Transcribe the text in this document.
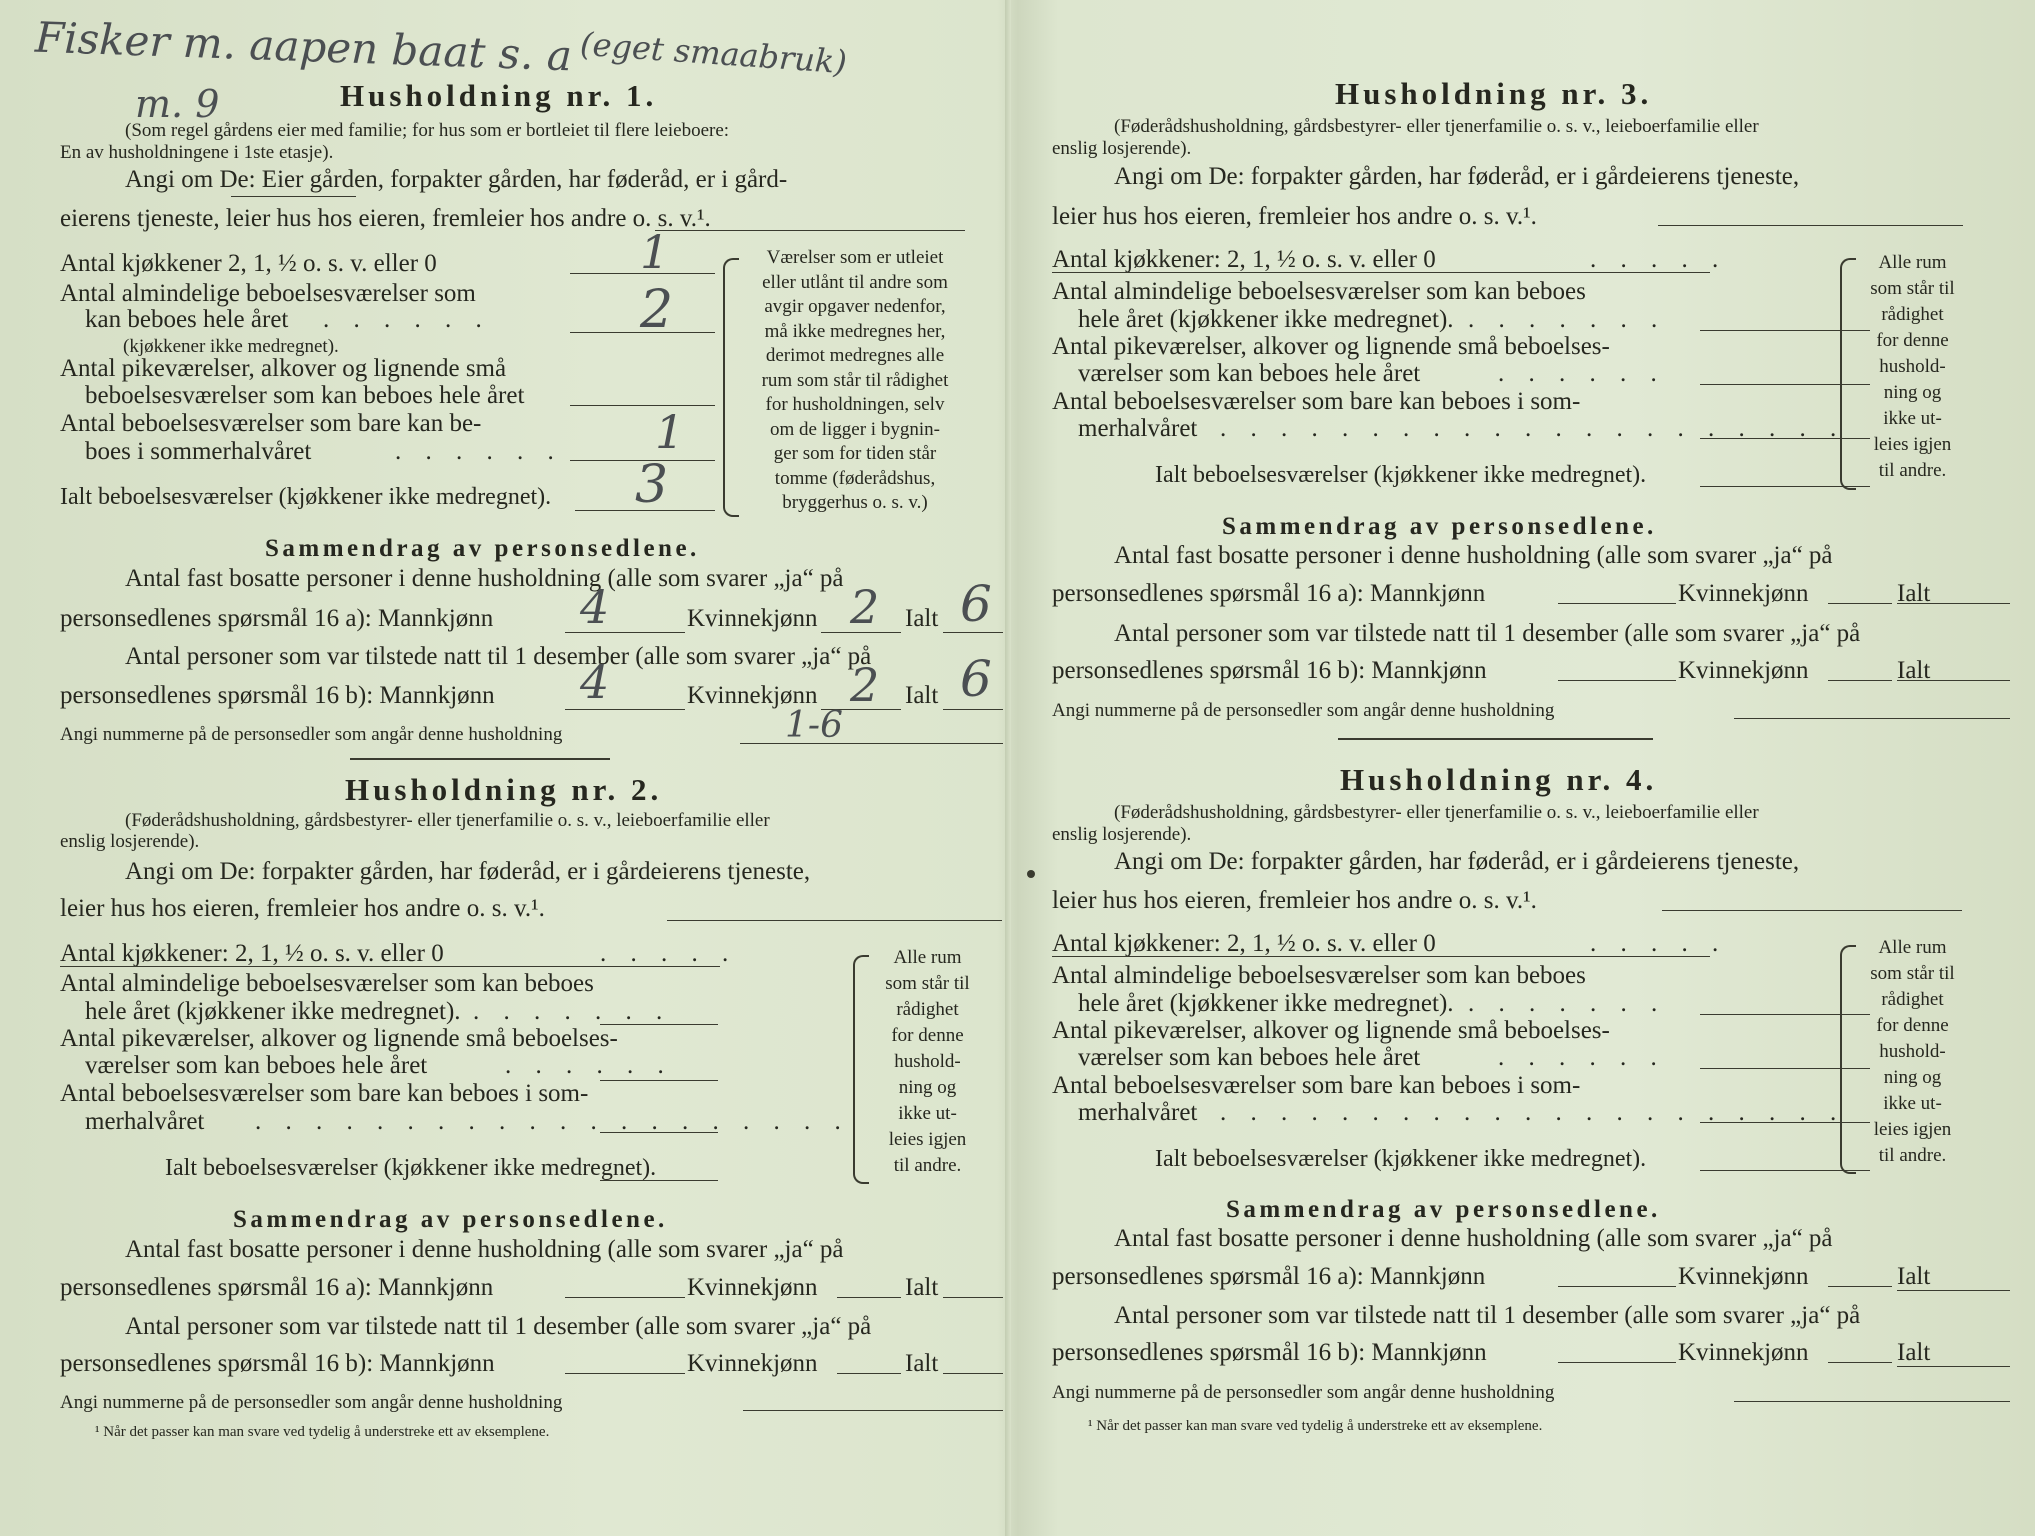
Fisker m. aapen baat s. a (eget smaabruk)
m. 9	Husholdning nr. 1.
(Som regel gårdens eier med familie; for hus som er bortleiet til flere leieboere:
En av husholdningene i 1ste etasje).
Angi om De: Eier gården, forpakter gården, har føderåd, er i gård-
eierens tjeneste, leier hus hos eieren, fremleier hos andre o. s. v.¹.
Antal kjøkkener 2, 1, ½ o. s. v. eller 0	1
Antal almindelige beboelsesværelser som
kan beboes hele året . . . . . .
(kjøkkener ikke medregnet).
2
Antal pikeværelser, alkover og lignende små
beboelsesværelser som kan beboes hele året
Antal beboelsesværelser som bare kan be-
boes i sommerhalvåret	. . . . . . 1
Ialt beboelsesværelser (kjøkkener ikke medregnet). 3
Værelser som er utleiet
eller utlånt til andre som
avgir opgaver nedenfor,
må ikke medregnes her,
derimot medregnes alle
rum som står til rådighet
for husholdningen, selv
om de ligger i bygnin-
ger som for tiden står
tomme (føderådshus,
bryggerhus o. s. v.)
Sammendrag av personsedlene.
Antal fast bosatte personer i denne husholdning (alle som svarer „ja“ på
personsedlenes spørsmål 16 a): Mannkjønn 4	Kvinnekjønn 2 Ialt 6
Antal personer som var tilstede natt til 1 desember (alle som svarer „ja“ på
personsedlenes spørsmål 16 b): Mannkjønn 4	Kvinnekjønn 2 Ialt 6
Angi nummerne på de personsedler som angår denne husholdning	1-6
Husholdning nr. 2.
(Føderådshusholdning, gårdsbestyrer- eller tjenerfamilie o. s. v., leieboerfamilie eller
enslig losjerende).
Angi om De: forpakter gården, har føderåd, er i gårdeierens tjeneste,
leier hus hos eieren, fremleier hos andre o. s. v.¹.
Antal kjøkkener: 2, 1, ½ o. s. v. eller 0	. . . . .
Antal almindelige beboelsesværelser som kan beboes
hele året (kjøkkener ikke medregnet). . . . . . . .
Antal pikeværelser, alkover og lignende små beboelses-
værelser som kan beboes hele året	. . . . . .
Antal beboelsesværelser som bare kan beboes i som-
merhalvåret . . . . . . . . . . . . . . . . . . . .
Ialt beboelsesværelser (kjøkkener ikke medregnet).
Alle rum
som står til
rådighet
for denne
hushold-
ning og
ikke ut-
leies igjen
til andre.
Sammendrag av personsedlene.
Antal fast bosatte personer i denne husholdning (alle som svarer „ja“ på
personsedlenes spørsmål 16 a): Mannkjønn	Kvinnekjønn	Ialt
Antal personer som var tilstede natt til 1 desember (alle som svarer „ja“ på
personsedlenes spørsmål 16 b): Mannkjønn	Kvinnekjønn	Ialt
Angi nummerne på de personsedler som angår denne husholdning
¹ Når det passer kan man svare ved tydelig å understreke ett av eksemplene.
Husholdning nr. 3.
(Føderådshusholdning, gårdsbestyrer- eller tjenerfamilie o. s. v., leieboerfamilie eller
enslig losjerende).
Angi om De: forpakter gården, har føderåd, er i gårdeierens tjeneste,
leier hus hos eieren, fremleier hos andre o. s. v.¹.
Antal kjøkkener: 2, 1, ½ o. s. v. eller 0	. . . . .
Antal almindelige beboelsesværelser som kan beboes
hele året (kjøkkener ikke medregnet). . . . . . . .
Antal pikeværelser, alkover og lignende små beboelses-
værelser som kan beboes hele året	. . . . . .
Antal beboelsesværelser som bare kan beboes i som-
merhalvåret . . . . . . . . . . . . . . . . . . . . .
Ialt beboelsesværelser (kjøkkener ikke medregnet).
Alle rum
som står til
rådighet
for denne
hushold-
ning og
ikke ut-
leies igjen
til andre.
Sammendrag av personsedlene.
Antal fast bosatte personer i denne husholdning (alle som svarer „ja“ på
personsedlenes spørsmål 16 a): Mannkjønn	Kvinnekjønn	Ialt
Antal personer som var tilstede natt til 1 desember (alle som svarer „ja“ på
personsedlenes spørsmål 16 b): Mannkjønn	Kvinnekjønn	Ialt
Angi nummerne på de personsedler som angår denne husholdning
Husholdning nr. 4.
(Føderådshusholdning, gårdsbestyrer- eller tjenerfamilie o. s. v., leieboerfamilie eller
enslig losjerende).
Angi om De: forpakter gården, har føderåd, er i gårdeierens tjeneste,
leier hus hos eieren, fremleier hos andre o. s. v.¹.
Antal kjøkkener: 2, 1, ½ o. s. v. eller 0	. . . . .
Antal almindelige beboelsesværelser som kan beboes
hele året (kjøkkener ikke medregnet). . . . . . . .
Antal pikeværelser, alkover og lignende små beboelses-
værelser som kan beboes hele året	. . . . . .
Antal beboelsesværelser som bare kan beboes i som-
merhalvåret . . . . . . . . . . . . . . . . . . . . .
Ialt beboelsesværelser (kjøkkener ikke medregnet).
Alle rum
som står til
rådighet
for denne
hushold-
ning og
ikke ut-
leies igjen
til andre.
Sammendrag av personsedlene.
Antal fast bosatte personer i denne husholdning (alle som svarer „ja“ på
personsedlenes spørsmål 16 a): Mannkjønn	Kvinnekjønn	Ialt
Antal personer som var tilstede natt til 1 desember (alle som svarer „ja“ på
personsedlenes spørsmål 16 b): Mannkjønn	Kvinnekjønn	Ialt
Angi nummerne på de personsedler som angår denne husholdning
¹ Når det passer kan man svare ved tydelig å understreke ett av eksemplene.
